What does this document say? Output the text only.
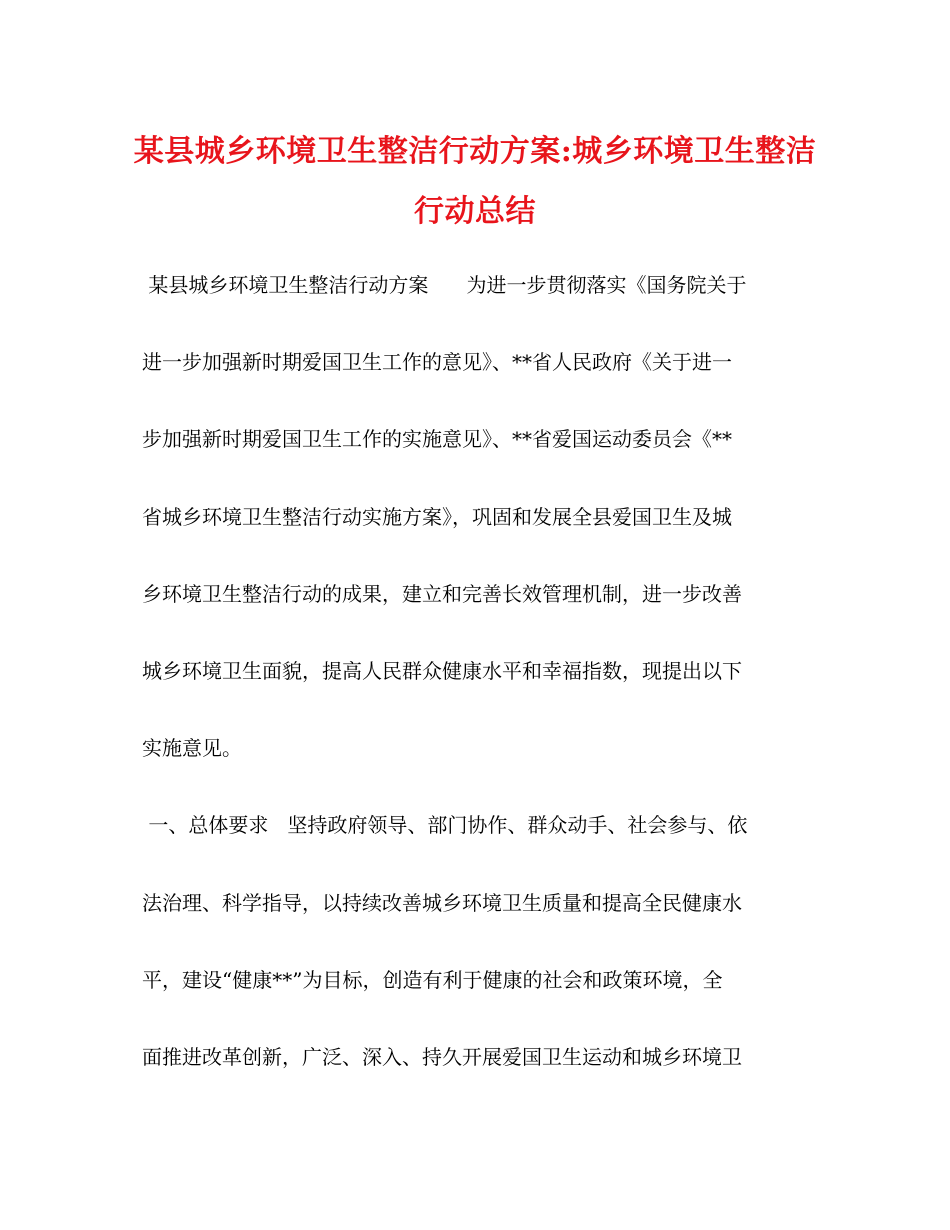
某县城乡环境卫生整洁行动方案:城乡环境卫生整洁行动总结
某县城乡环境卫生整洁行动方案      为进一步贯彻落实《国务院关于
进一步加强新时期爱国卫生工作的意见》、**省人民政府《关于进一
步加强新时期爱国卫生工作的实施意见》、**省爱国运动委员会《**
省城乡环境卫生整洁行动实施方案》，巩固和发展全县爱国卫生及城
乡环境卫生整洁行动的成果，建立和完善长效管理机制，进一步改善
城乡环境卫生面貌，提高人民群众健康水平和幸福指数，现提出以下
实施意见。
一、总体要求   坚持政府领导、部门协作、群众动手、社会参与、依
法治理、科学指导，以持续改善城乡环境卫生质量和提高全民健康水
平，建设“健康**”为目标，创造有利于健康的社会和政策环境，全
面推进改革创新，广泛、深入、持久开展爱国卫生运动和城乡环境卫
